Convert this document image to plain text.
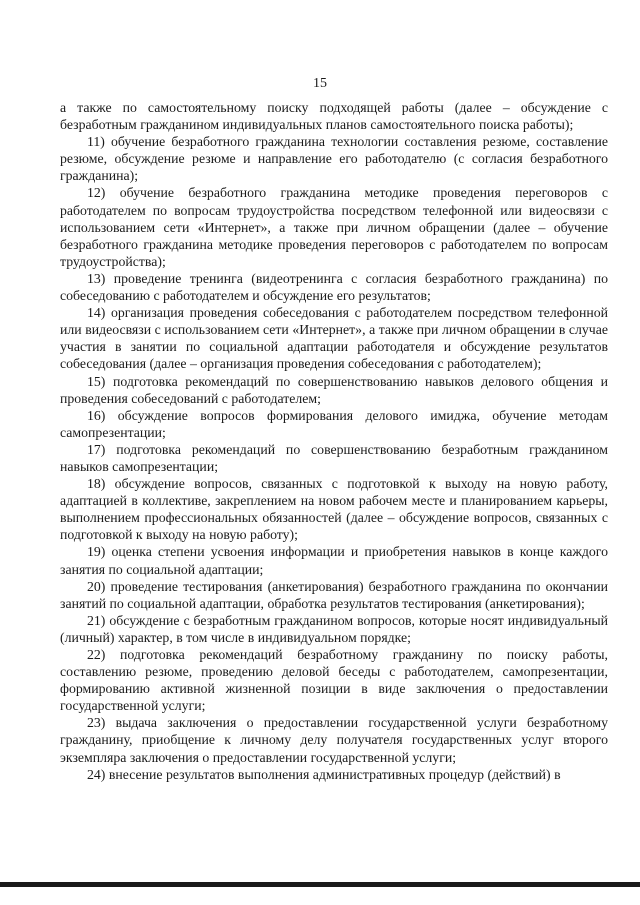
15

а также по самостоятельному поиску подходящей работы (далее – обсуждение с безработным гражданином индивидуальных планов самостоятельного поиска работы);

11) обучение безработного гражданина технологии составления резюме, составление резюме, обсуждение резюме и направление его работодателю (с согласия безработного гражданина);

12) обучение безработного гражданина методике проведения переговоров с работодателем по вопросам трудоустройства посредством телефонной или видеосвязи с использованием сети «Интернет», а также при личном обращении (далее – обучение безработного гражданина методике проведения переговоров с работодателем по вопросам трудоустройства);

13) проведение тренинга (видеотренинга с согласия безработного гражданина) по собеседованию с работодателем и обсуждение его результатов;

14) организация проведения собеседования с работодателем посредством телефонной или видеосвязи с использованием сети «Интернет», а также при личном обращении в случае участия в занятии по социальной адаптации работодателя и обсуждение результатов собеседования (далее – организация проведения собеседования с работодателем);

15) подготовка рекомендаций по совершенствованию навыков делового общения и проведения собеседований с работодателем;

16) обсуждение вопросов формирования делового имиджа, обучение методам самопрезентации;

17) подготовка рекомендаций по совершенствованию безработным гражданином навыков самопрезентации;

18) обсуждение вопросов, связанных с подготовкой к выходу на новую работу, адаптацией в коллективе, закреплением на новом рабочем месте и планированием карьеры, выполнением профессиональных обязанностей (далее – обсуждение вопросов, связанных с подготовкой к выходу на новую работу);

19) оценка степени усвоения информации и приобретения навыков в конце каждого занятия по социальной адаптации;

20) проведение тестирования (анкетирования) безработного гражданина по окончании занятий по социальной адаптации, обработка результатов тестирования (анкетирования);

21) обсуждение с безработным гражданином вопросов, которые носят индивидуальный (личный) характер, в том числе в индивидуальном порядке;

22) подготовка рекомендаций безработному гражданину по поиску работы, составлению резюме, проведению деловой беседы с работодателем, самопрезентации, формированию активной жизненной позиции в виде заключения о предоставлении государственной услуги;

23) выдача заключения о предоставлении государственной услуги безработному гражданину, приобщение к личному делу получателя государственных услуг второго экземпляра заключения о предоставлении государственной услуги;

24) внесение результатов выполнения административных процедур (действий) в
